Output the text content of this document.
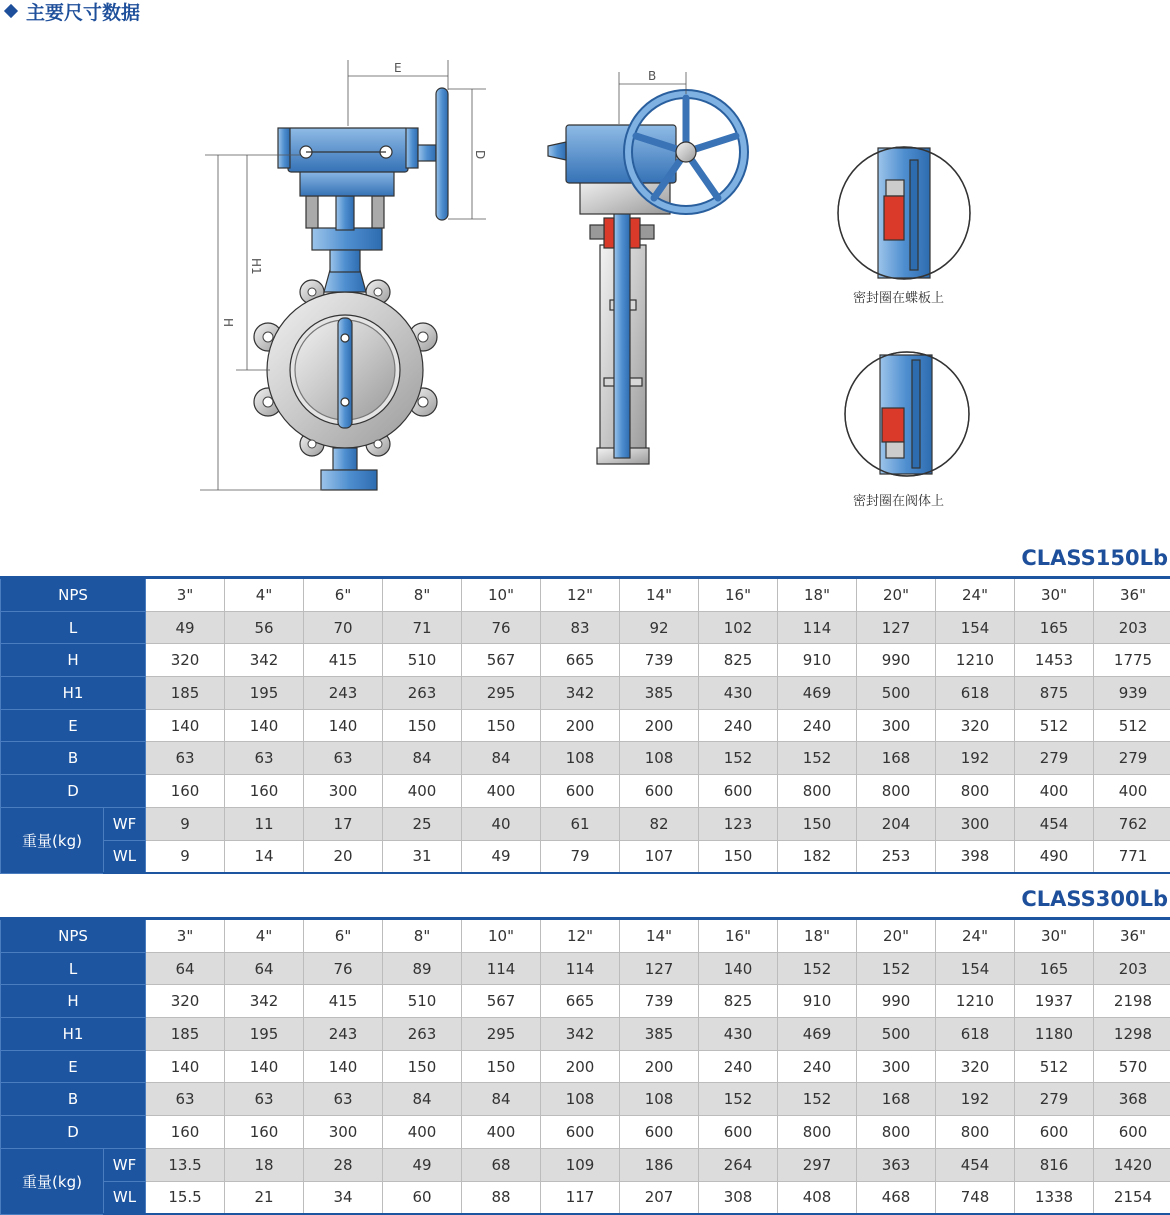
主要尺寸数据
E
D
H1
H
B
密封圈在蝶板上
密封圈在阀体上
CLASS150Lb
NPS		3"	4"	6"	8"	10"	12"	14"	16"	18"	20"	24"	30"	36"
L		49	56	70	71	76	83	92	102	114	127	154	165	203
H		320	342	415	510	567	665	739	825	910	990	1210	1453	1775
H1		185	195	243	263	295	342	385	430	469	500	618	875	939
E		140	140	140	150	150	200	200	240	240	300	320	512	512
B		63	63	63	84	84	108	108	152	152	168	192	279	279
D		160	160	300	400	400	600	600	600	800	800	800	400	400
重量(kg)	WF	9	11	17	25	40	61	82	123	150	204	300	454	762
	WL	9	14	20	31	49	79	107	150	182	253	398	490	771
CLASS300Lb
NPS		3"	4"	6"	8"	10"	12"	14"	16"	18"	20"	24"	30"	36"
L		64	64	76	89	114	114	127	140	152	152	154	165	203
H		320	342	415	510	567	665	739	825	910	990	1210	1937	2198
H1		185	195	243	263	295	342	385	430	469	500	618	1180	1298
E		140	140	140	150	150	200	200	240	240	300	320	512	570
B		63	63	63	84	84	108	108	152	152	168	192	279	368
D		160	160	300	400	400	600	600	600	800	800	800	600	600
重量(kg)	WF	13.5	18	28	49	68	109	186	264	297	363	454	816	1420
	WL	15.5	21	34	60	88	117	207	308	408	468	748	1338	2154
